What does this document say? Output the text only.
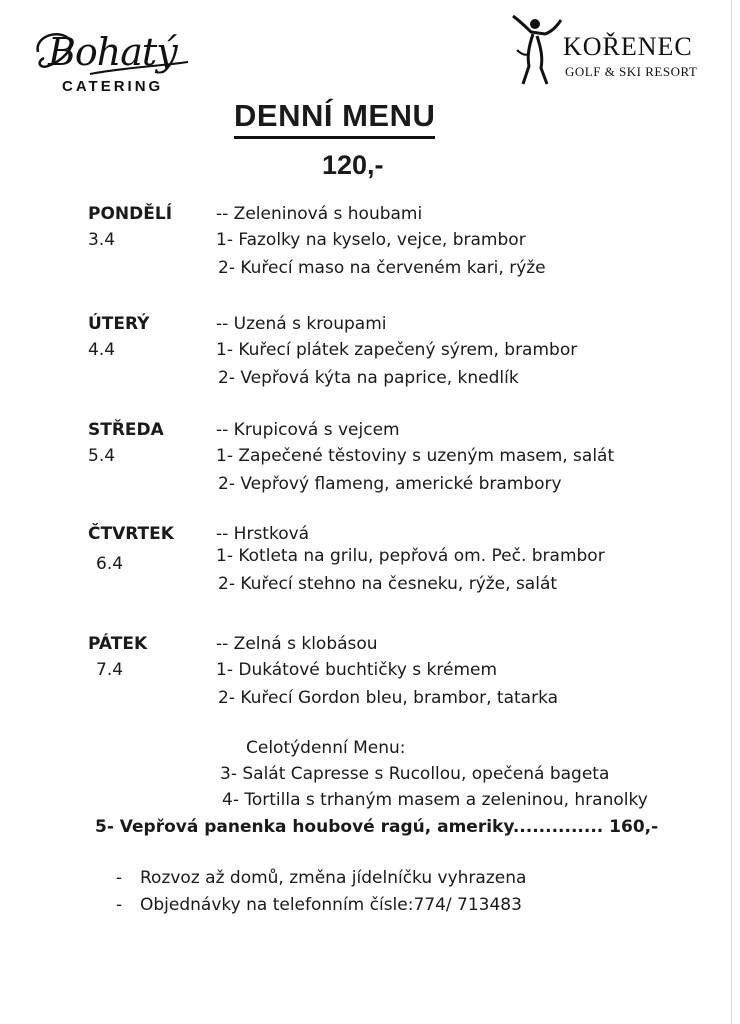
Bohatý
CATERING
KOŘENEC
GOLF & SKI RESORT
DENNÍ MENU
120,-
PONDĚLÍ
3.4
-- Zeleninová s houbami
1- Fazolky na kyselo, vejce, brambor
2- Kuřecí maso na červeném kari, rýže
ÚTERÝ
4.4
-- Uzená s kroupami
1- Kuřecí plátek zapečený sýrem, brambor
2- Vepřová kýta na paprice, knedlík
STŘEDA
5.4
-- Krupicová s vejcem
1- Zapečené těstoviny s uzeným masem, salát
2- Vepřový flameng, americké brambory
ČTVRTEK
6.4
-- Hrstková
1- Kotleta na grilu, pepřová om. Peč. brambor
2- Kuřecí stehno na česneku, rýže, salát
PÁTEK
7.4
-- Zelná s klobásou
1- Dukátové buchtičky s krémem
2- Kuřecí Gordon bleu, brambor, tatarka
Celotýdenní Menu:
3- Salát Capresse s Rucollou, opečená bageta
4- Tortilla s trhaným masem a zeleninou, hranolky
5- Vepřová panenka houbové ragú, ameriky.............. 160,-
- Rozvoz až domů, změna jídelníčku vyhrazena
- Objednávky na telefonním čísle:774/ 713483
